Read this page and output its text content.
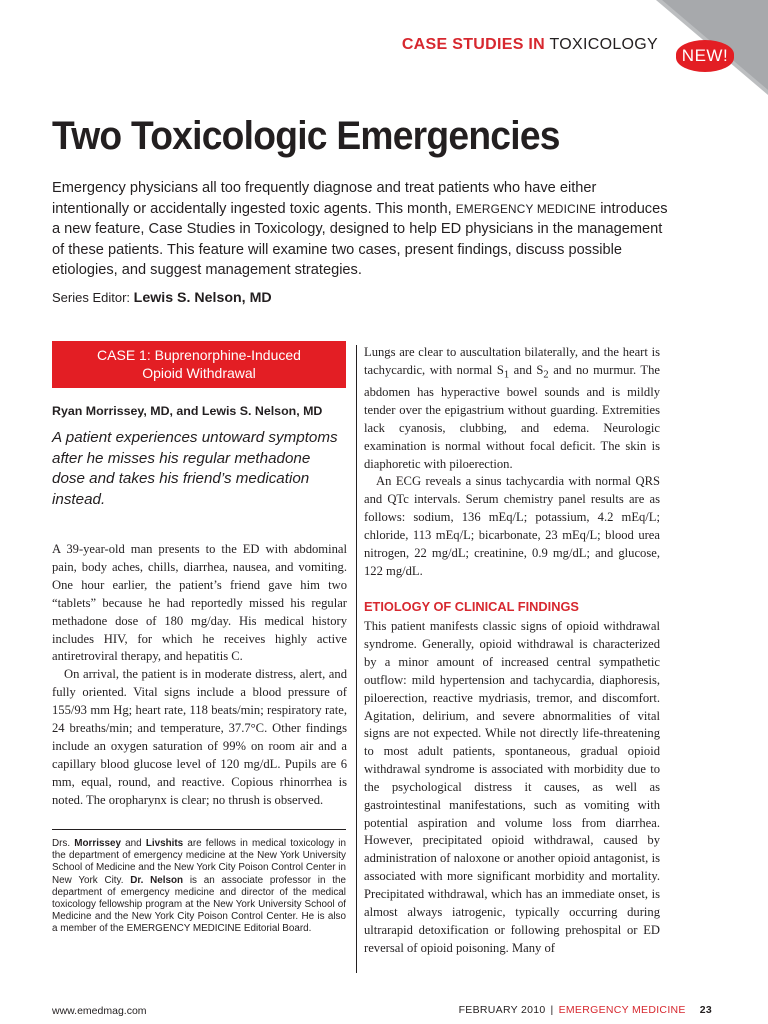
CASE STUDIES IN TOXICOLOGY
NEW!
Two Toxicologic Emergencies
Emergency physicians all too frequently diagnose and treat patients who have either intentionally or accidentally ingested toxic agents. This month, EMERGENCY MEDICINE introduces a new feature, Case Studies in Toxicology, designed to help ED physicians in the management of these patients. This feature will examine two cases, present findings, discuss possible etiologies, and suggest management strategies.
Series Editor: Lewis S. Nelson, MD
CASE 1: Buprenorphine-Induced
Opioid Withdrawal
Ryan Morrissey, MD, and Lewis S. Nelson, MD
A patient experiences untoward symptoms after he misses his regular methadone dose and takes his friend’s medication instead.

A 39-year-old man presents to the ED with abdominal pain, body aches, chills, diarrhea, nausea, and vomiting. One hour earlier, the patient’s friend gave him two “tablets” because he had reportedly missed his regular methadone dose of 180 mg/day. His medical history includes HIV, for which he receives highly active antiretroviral therapy, and hepatitis C.

On arrival, the patient is in moderate distress, alert, and fully oriented. Vital signs include a blood pressure of 155/93 mm Hg; heart rate, 118 beats/min; respiratory rate, 24 breaths/min; and temperature, 37.7°C. Other findings include an oxygen saturation of 99% on room air and a capillary blood glucose level of 120 mg/dL. Pupils are 6 mm, equal, round, and reactive. Copious rhinorrhea is noted. The oropharynx is clear; no thrush is observed.

Drs. Morrissey and Livshits are fellows in medical toxicology in the department of emergency medicine at the New York University School of Medicine and the New York City Poison Control Center in New York City. Dr. Nelson is an associate professor in the department of emergency medicine and director of the medical toxicology fellowship program at the New York University School of Medicine and the New York City Poison Control Center. He is also a member of the EMERGENCY MEDICINE Editorial Board.

Lungs are clear to auscultation bilaterally, and the heart is tachycardic, with normal $S_1$ and $S_2$ and no murmur. The abdomen has hyperactive bowel sounds and is mildly tender over the epigastrium without guarding. Extremities lack cyanosis, clubbing, and edema. Neurologic examination is normal without focal deficit. The skin is diaphoretic with piloerection.

An ECG reveals a sinus tachycardia with normal QRS and QTc intervals. Serum chemistry panel results are as follows: sodium, 136 mEq/L; potassium, 4.2 mEq/L; chloride, 113 mEq/L; bicarbonate, 23 mEq/L; blood urea nitrogen, 22 mg/dL; creatinine, 0.9 mg/dL; and glucose, 122 mg/dL.

ETIOLOGY OF CLINICAL FINDINGS

This patient manifests classic signs of opioid withdrawal syndrome. Generally, opioid withdrawal is characterized by a minor amount of increased central sympathetic outflow: mild hypertension and tachycardia, diaphoresis, piloerection, reactive mydriasis, tremor, and discomfort. Agitation, delirium, and severe abnormalities of vital signs are not expected. While not directly life-threatening to most adult patients, spontaneous, gradual opioid withdrawal syndrome is associated with morbidity due to the psychological distress it causes, as well as gastrointestinal manifestations, such as vomiting with potential aspiration and volume loss from diarrhea. However, precipitated opioid withdrawal, caused by administration of naloxone or another opioid antagonist, is associated with more significant morbidity and mortality. Precipitated withdrawal, which has an immediate onset, is almost always iatrogenic, typically occurring during ultrarapid detoxification or following prehospital or ED reversal of opioid poisoning. Many of

www.emedmag.com	FEBRUARY 2010 | EMERGENCY MEDICINE 23
